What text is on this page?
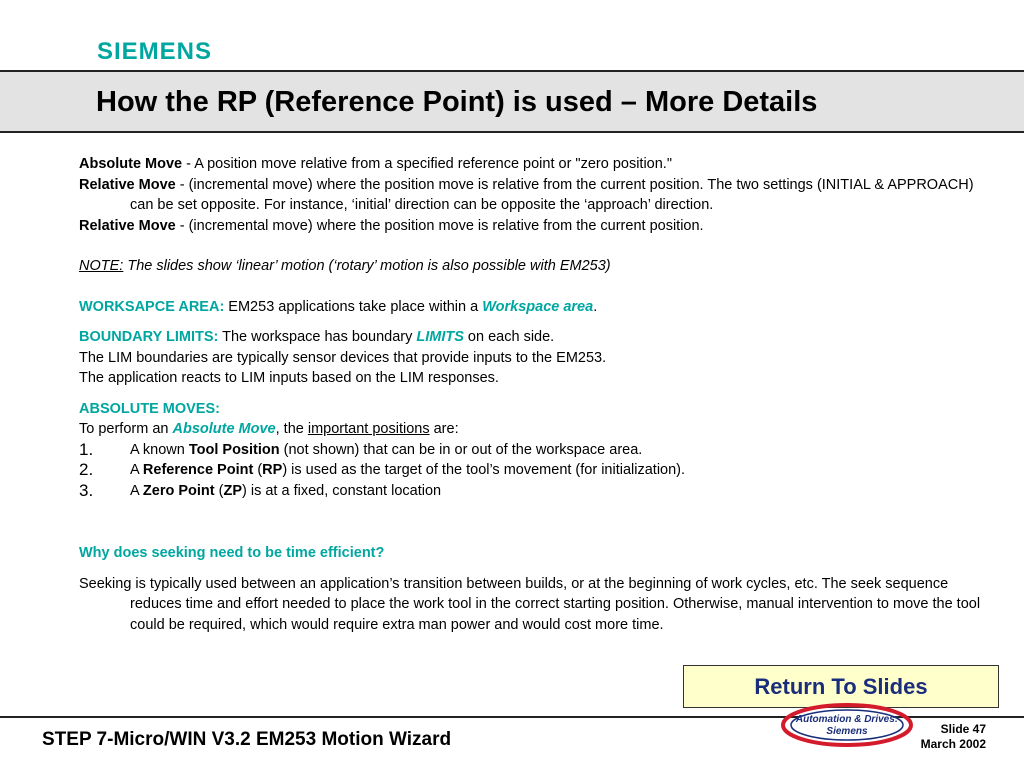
SIEMENS
How the RP (Reference Point) is used – More Details

Absolute Move - A position move relative from a specified reference point or "zero position."

Relative Move - (incremental move) where the position move is relative from the current position. The two settings (INITIAL & APPROACH) can be set opposite. For instance, ‘initial’ direction can be opposite the ‘approach’ direction.

Relative Move - (incremental move) where the position move is relative from the current position.

NOTE: The slides show ‘linear’ motion (‘rotary’ motion is also possible with EM253)

WORKSAPCE AREA: EM253 applications take place within a Workspace area.

BOUNDARY LIMITS: The workspace has boundary LIMITS on each side.

The LIM boundaries are typically sensor devices that provide inputs to the EM253.

The application reacts to LIM inputs based on the LIM responses.

ABSOLUTE MOVES:

To perform an Absolute Move, the important positions are:

1.	A known Tool Position (not shown) that can be in or out of the workspace area.
2.	A Reference Point (RP) is used as the target of the tool’s movement (for initialization).
3.	A Zero Point (ZP) is at a fixed, constant location

Why does seeking need to be time efficient?

Seeking is typically used between an application’s transition between builds, or at the beginning of work cycles, etc. The seek sequence reduces time and effort needed to place the work tool in the correct starting position. Otherwise, manual intervention to move the tool could be required, which would require extra man power and would cost more time.

Return To Slides
STEP 7-Micro/WIN V3.2 EM253 Motion Wizard
Automation & Drives:
Siemens	Slide 47
March 2002
